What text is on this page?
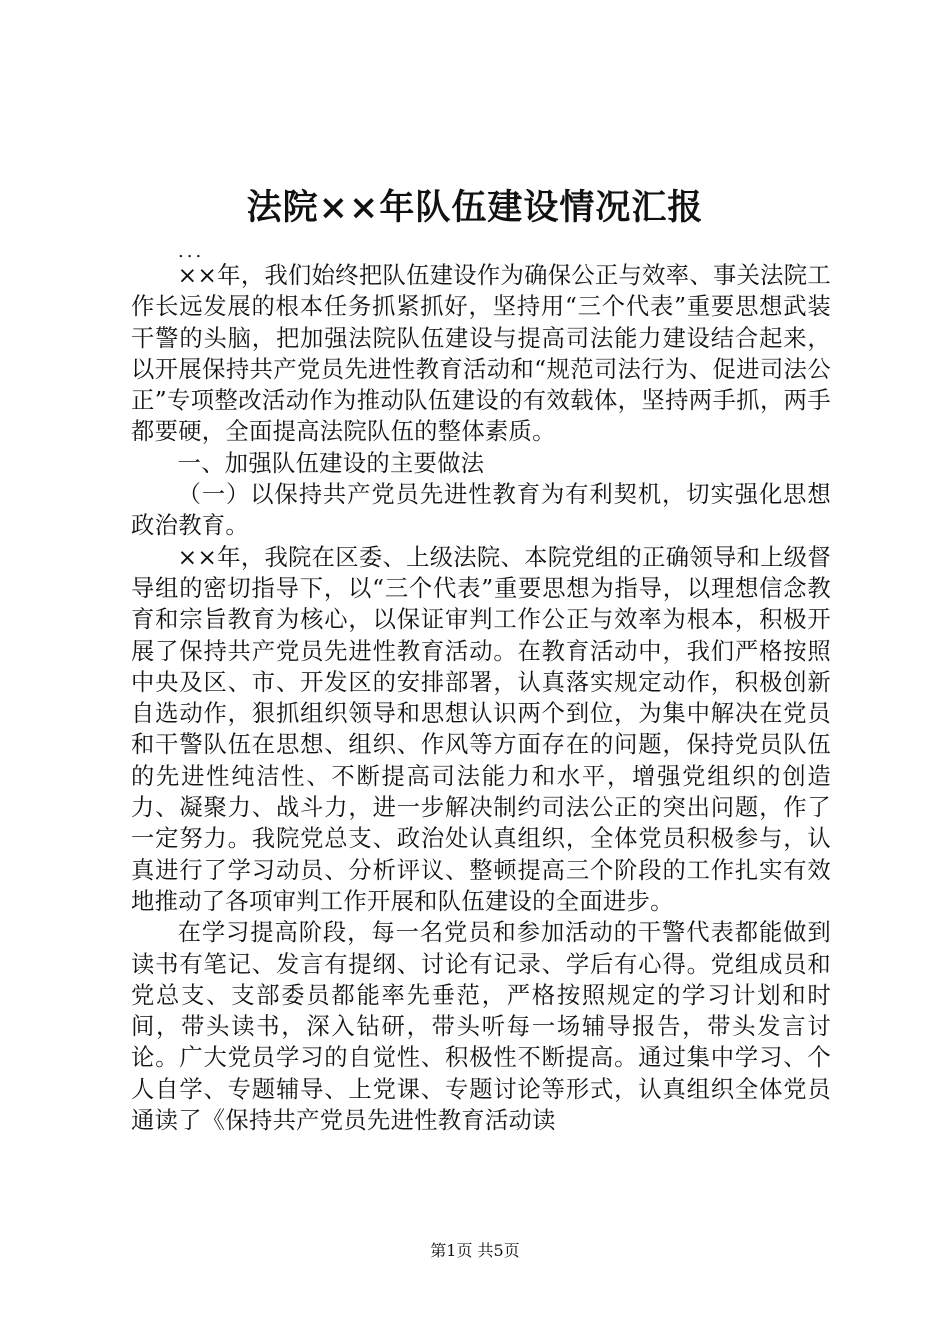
法院××年队伍建设情况汇报
...

××年，我们始终把队伍建设作为确保公正与效率、事关法院工作长远发展的根本任务抓紧抓好，坚持用“三个代表”重要思想武装干警的头脑，把加强法院队伍建设与提高司法能力建设结合起来，以开展保持共产党员先进性教育活动和“规范司法行为、促进司法公正”专项整改活动作为推动队伍建设的有效载体，坚持两手抓，两手都要硬，全面提高法院队伍的整体素质。

一、加强队伍建设的主要做法

（一）以保持共产党员先进性教育为有利契机，切实强化思想政治教育。

××年，我院在区委、上级法院、本院党组的正确领导和上级督导组的密切指导下，以“三个代表”重要思想为指导，以理想信念教育和宗旨教育为核心，以保证审判工作公正与效率为根本，积极开展了保持共产党员先进性教育活动。在教育活动中，我们严格按照中央及区、市、开发区的安排部署，认真落实规定动作，积极创新自选动作，狠抓组织领导和思想认识两个到位，为集中解决在党员和干警队伍在思想、组织、作风等方面存在的问题，保持党员队伍的先进性纯洁性、不断提高司法能力和水平，增强党组织的创造力、凝聚力、战斗力，进一步解决制约司法公正的突出问题，作了一定努力。我院党总支、政治处认真组织，全体党员积极参与，认真进行了学习动员、分析评议、整顿提高三个阶段的工作扎实有效地推动了各项审判工作开展和队伍建设的全面进步。

在学习提高阶段，每一名党员和参加活动的干警代表都能做到读书有笔记、发言有提纲、讨论有记录、学后有心得。党组成员和党总支、支部委员都能率先垂范，严格按照规定的学习计划和时间，带头读书，深入钻研，带头听每一场辅导报告，带头发言讨论。广大党员学习的自觉性、积极性不断提高。通过集中学习、个人自学、专题辅导、上党课、专题讨论等形式，认真组织全体党员通读了《保持共产党员先进性教育活动读

第1页 共5页
